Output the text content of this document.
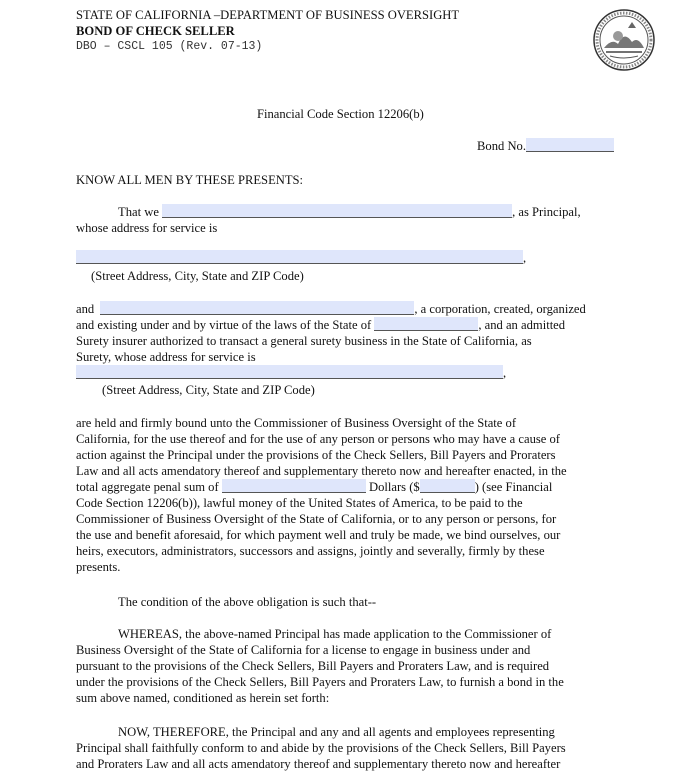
STATE OF CALIFORNIA –DEPARTMENT OF BUSINESS OVERSIGHT
BOND OF CHECK SELLER
DBO – CSCL 105 (Rev. 07-13)
Financial Code Section 12206(b)
Bond No.
KNOW ALL MEN BY THESE PRESENTS:
That we	, as Principal,
whose address for service is
,
(Street Address, City, State and ZIP Code)
and	, a corporation, created, organized
and existing under and by virtue of the laws of the State of	, and an admitted
Surety insurer authorized to transact a general surety business in the State of California, as
Surety, whose address for service is
,
(Street Address, City, State and ZIP Code)
are held and firmly bound unto the Commissioner of Business Oversight of the State of
California, for the use thereof and for the use of any person or persons who may have a cause of
action against the Principal under the provisions of the Check Sellers, Bill Payers and Proraters
Law and all acts amendatory thereof and supplementary thereto now and hereafter enacted, in the
total aggregate penal sum of	Dollars ($	) (see Financial
Code Section 12206(b)), lawful money of the United States of America, to be paid to the
Commissioner of Business Oversight of the State of California, or to any person or persons, for
the use and benefit aforesaid, for which payment well and truly be made, we bind ourselves, our
heirs, executors, administrators, successors and assigns, jointly and severally, firmly by these
presents.
The condition of the above obligation is such that--
WHEREAS, the above-named Principal has made application to the Commissioner of
Business Oversight of the State of California for a license to engage in business under and
pursuant to the provisions of the Check Sellers, Bill Payers and Proraters Law, and is required
under the provisions of the Check Sellers, Bill Payers and Proraters Law, to furnish a bond in the
sum above named, conditioned as herein set forth:
NOW, THEREFORE, the Principal and any and all agents and employees representing
Principal shall faithfully conform to and abide by the provisions of the Check Sellers, Bill Payers
and Proraters Law and all acts amendatory thereof and supplementary thereto now and hereafter
